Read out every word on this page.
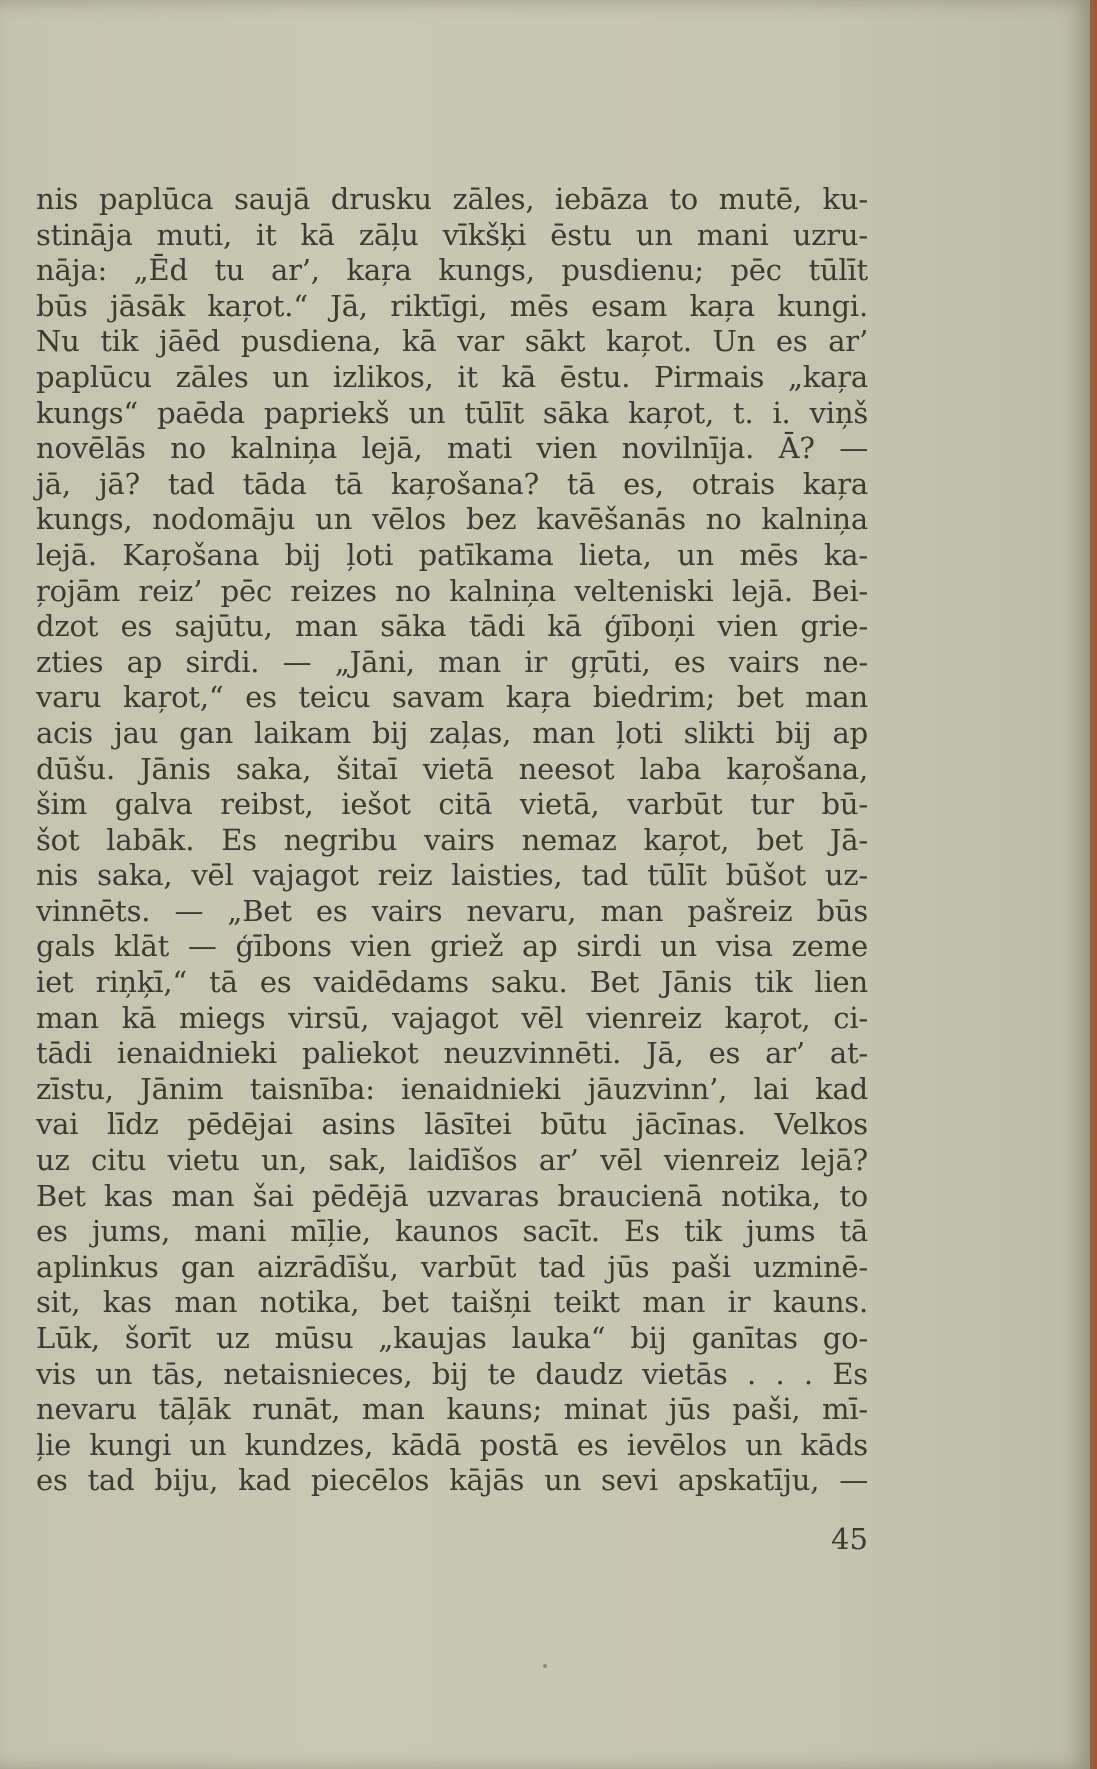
nis paplūca saujā drusku zāles, iebāza to mutē, ku-
stināja muti, it kā zāļu vīkšķi ēstu un mani uzru-
nāja: „Ēd tu ar’, kaŗa kungs, pusdienu; pēc tūlīt
būs jāsāk kaŗot.“ Jā, riktīgi, mēs esam kaŗa kungi.
Nu tik jāēd pusdiena, kā var sākt kaŗot. Un es ar’
paplūcu zāles un izlikos, it kā ēstu. Pirmais „kaŗa
kungs“ paēda papriekš un tūlīt sāka kaŗot, t. i. viņš
novēlās no kalniņa lejā, mati vien novilnīja. Ā? —
jā, jā? tad tāda tā kaŗošana? tā es, otrais kaŗa
kungs, nodomāju un vēlos bez kavēšanās no kalniņa
lejā. Kaŗošana bij ļoti patīkama lieta, un mēs ka-
ŗojām reiz’ pēc reizes no kalniņa velteniski lejā. Bei-
dzot es sajūtu, man sāka tādi kā ģīboņi vien grie-
zties ap sirdi. — „Jāni, man ir gŗūti, es vairs ne-
varu kaŗot,“ es teicu savam kaŗa biedrim; bet man
acis jau gan laikam bij zaļas, man ļoti slikti bij ap
dūšu. Jānis saka, šitaī vietā neesot laba kaŗošana,
šim galva reibst, iešot citā vietā, varbūt tur bū-
šot labāk. Es negribu vairs nemaz kaŗot, bet Jā-
nis saka, vēl vajagot reiz laisties, tad tūlīt būšot uz-
vinnēts. — „Bet es vairs nevaru, man pašreiz būs
gals klāt — ģībons vien griež ap sirdi un visa zeme
iet riņķī,“ tā es vaidēdams saku. Bet Jānis tik lien
man kā miegs virsū, vajagot vēl vienreiz kaŗot, ci-
tādi ienaidnieki paliekot neuzvinnēti. Jā, es ar’ at-
zīstu, Jānim taisnība: ienaidnieki jāuzvinn’, lai kad
vai līdz pēdējai asins lāsītei būtu jācīnas. Velkos
uz citu vietu un, sak, laidīšos ar’ vēl vienreiz lejā?
Bet kas man šai pēdējā uzvaras braucienā notika, to
es jums, mani mīļie, kaunos sacīt. Es tik jums tā
aplinkus gan aizrādīšu, varbūt tad jūs paši uzminē-
sit, kas man notika, bet taišņi teikt man ir kauns.
Lūk, šorīt uz mūsu „kaujas lauka“ bij ganītas go-
vis un tās, netaisnieces, bij te daudz vietās . . . Es
nevaru tāļāk runāt, man kauns; minat jūs paši, mī-
ļie kungi un kundzes, kādā postā es ievēlos un kāds
es tad biju, kad piecēlos kājās un sevi apskatīju, —
45
